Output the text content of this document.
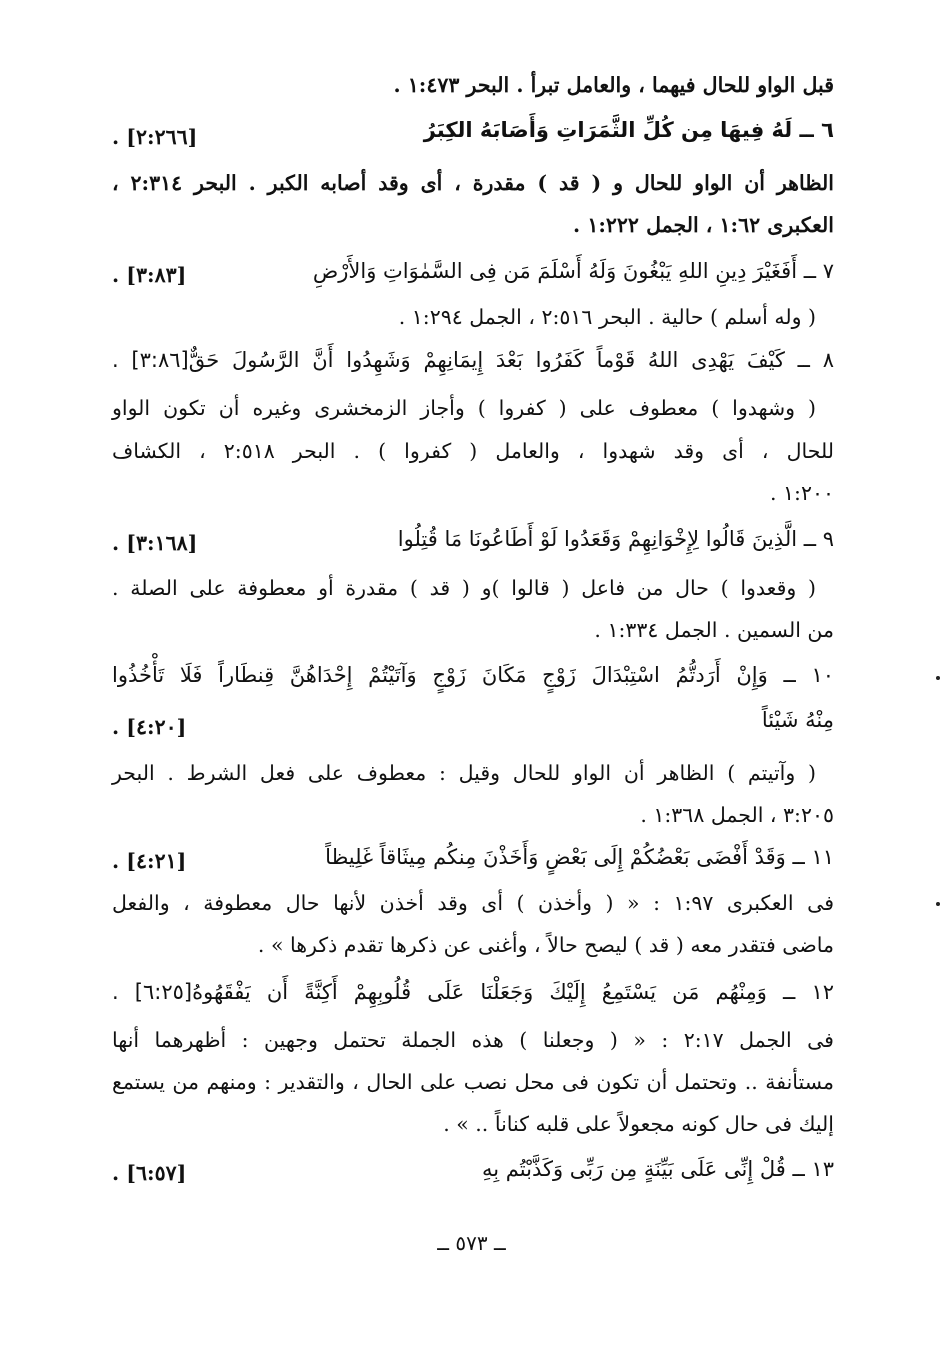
قبل الواو للحال فيهما ، والعامل تبرأ . البحر ١:٤٧٣ .
٦ ــ لَهُ فِيهَا مِن كُلِّ الثَّمَرَاتِ وَأَصَابَهُ الكِبَرُ
[٢:٢٦٦] .
الظاهر أن الواو للحال و ( قد ) مقدرة ، أى وقد أصابه الكبر . البحر ٢:٣١٤ ،
العكبرى ١:٦٢ ، الجمل ١:٢٢٢ .
٧ ــ أَفَغَيْرَ دِينِ اللهِ يَبْغُونَ وَلَهُ أَسْلَمَ مَن فِى السَّمٰوَاتِ وَالأَرْضِ
[٣:٨٣] .
( وله أسلم ) حالية . البحر ٢:٥١٦ ، الجمل ١:٢٩٤ .
٨ ــ كَيْفَ يَهْدِى اللهُ قَوْماً كَفَرُوا بَعْدَ إِيمَانِهِمْ وَشَهِدُوا أَنَّ الرَّسُولَ حَقٌّ[٣:٨٦] .
( وشهدوا ) معطوف على ( كفروا ) وأجاز الزمخشرى وغيره أن تكون الواو
للحال ، أى وقد شهدوا ، والعامل ( كفروا ) . البحر ٢:٥١٨ ، الكشاف
١:٢٠٠ .
٩ ــ الَّذِينَ قَالُوا لِإِخْوَانِهِمْ وَقَعَدُوا لَوْ أَطَاعُونَا مَا قُتِلُوا
[٣:١٦٨] .
( وقعدوا ) حال من فاعل ( قالوا )و ( قد ) مقدرة أو معطوفة على الصلة .
من السمين . الجمل ١:٣٣٤ .
١٠ ــ وَإِنْ أَرَدتُّمُ اسْتِبْدَالَ زَوْجٍ مَكَانَ زَوْجٍ وَآتَيْتُمْ إِحْدَاهُنَّ قِنطَاراً فَلَا تَأْخُذُوا
مِنْهُ شَيْئاً
[٤:٢٠] .
( وآتيتم ) الظاهر أن الواو للحال وقيل : معطوف على فعل الشرط . البحر
٣:٢٠٥ ، الجمل ١:٣٦٨ .
١١ ــ وَقَدْ أَفْضَى بَعْضُكُمْ إِلَى بَعْضٍ وَأَخَذْنَ مِنكُم مِيثَاقاً غَلِيظاً
[٤:٢١] .
فى العكبرى ١:٩٧ : « ( وأخذن ) أى وقد أخذن لأنها حال معطوفة ، والفعل
ماضى فتقدر معه ( قد ) ليصح حالاً ، وأغنى عن ذكرها تقدم ذكرها » .
١٢ ــ وَمِنْهُم مَن يَسْتَمِعُ إِلَيْكَ وَجَعَلْنَا عَلَى قُلُوبِهِمْ أَكِنَّةً أَن يَفْقَهُوهُ[٦:٢٥] .
فى الجمل ٢:١٧ : « ( وجعلنا ) هذه الجملة تحتمل وجهين : أظهرهما أنها
مستأنفة .. وتحتمل أن تكون فى محل نصب على الحال ، والتقدير : ومنهم من يستمع
إليك فى حال كونه مجعولاً على قلبه كناناً .. » .
١٣ ــ قُلْ إِنِّى عَلَى بَيِّنَةٍ مِن رَبِّى وَكَذَّبْتُم بِهِ
[٦:٥٧] .
ــ ٥٧٣ ــ
